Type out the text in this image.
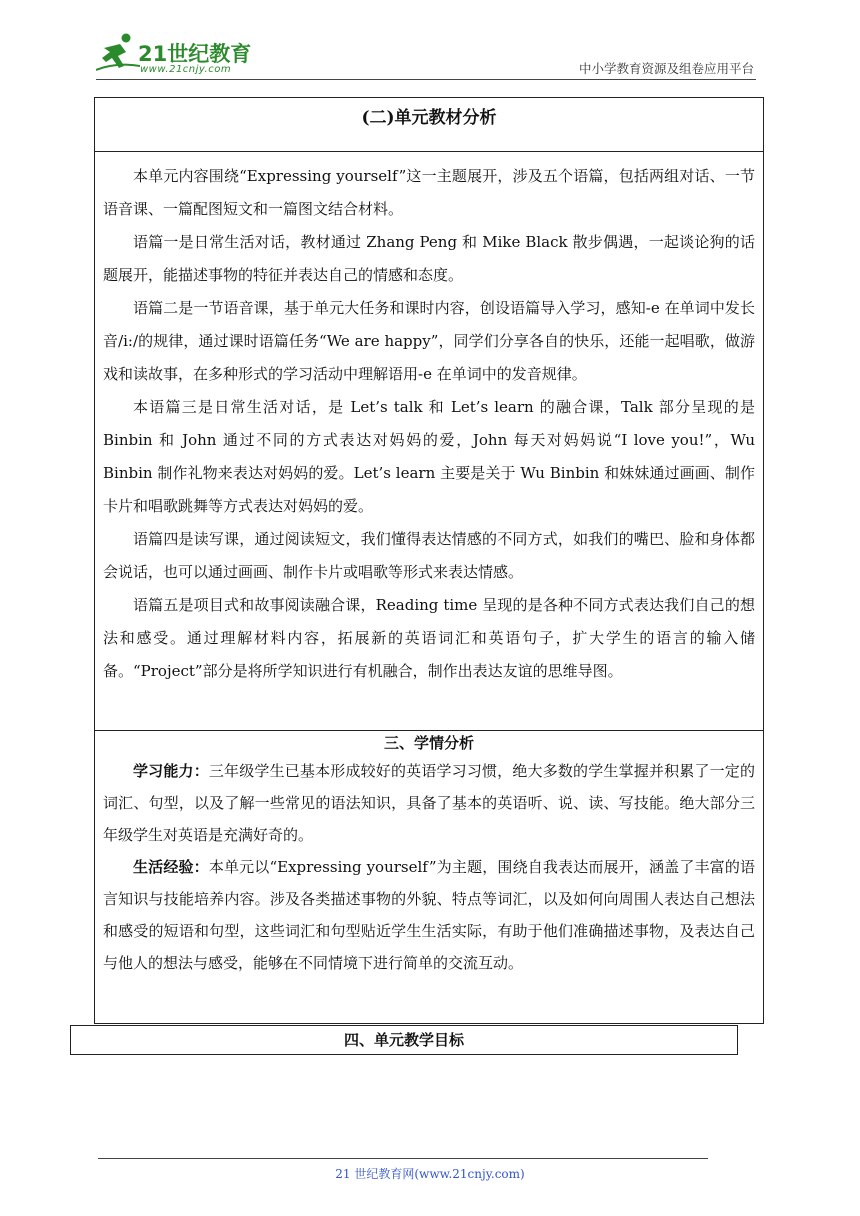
21世纪教育
www.21cnjy.com	中小学教育资源及组卷应用平台
(二)单元教材分析

本单元内容围绕“Expressing yourself”这一主题展开，涉及五个语篇，包括两组对话、一节语音课、一篇配图短文和一篇图文结合材料。

语篇一是日常生活对话，教材通过 Zhang Peng 和 Mike Black 散步偶遇，一起谈论狗的话题展开，能描述事物的特征并表达自己的情感和态度。

语篇二是一节语音课，基于单元大任务和课时内容，创设语篇导入学习，感知-e 在单词中发长音/i:/的规律，通过课时语篇任务“We are happy”，同学们分享各自的快乐，还能一起唱歌，做游戏和读故事，在多种形式的学习活动中理解语用-e 在单词中的发音规律。

本语篇三是日常生活对话，是 Let’s talk 和 Let’s learn 的融合课，Talk 部分呈现的是 Binbin 和 John 通过不同的方式表达对妈妈的爱，John 每天对妈妈说“I love you!”，Wu Binbin 制作礼物来表达对妈妈的爱。Let’s learn 主要是关于 Wu Binbin 和妹妹通过画画、制作卡片和唱歌跳舞等方式表达对妈妈的爱。

语篇四是读写课，通过阅读短文，我们懂得表达情感的不同方式，如我们的嘴巴、脸和身体都会说话，也可以通过画画、制作卡片或唱歌等形式来表达情感。

语篇五是项目式和故事阅读融合课，Reading time 呈现的是各种不同方式表达我们自己的想法和感受。通过理解材料内容，拓展新的英语词汇和英语句子，扩大学生的语言的输入储备。“Project”部分是将所学知识进行有机融合，制作出表达友谊的思维导图。

三、学情分析

学习能力：三年级学生已基本形成较好的英语学习习惯，绝大多数的学生掌握并积累了一定的词汇、句型，以及了解一些常见的语法知识，具备了基本的英语听、说、读、写技能。绝大部分三年级学生对英语是充满好奇的。

生活经验：本单元以“Expressing yourself”为主题，围绕自我表达而展开，涵盖了丰富的语言知识与技能培养内容。涉及各类描述事物的外貌、特点等词汇，以及如何向周围人表达自己想法和感受的短语和句型，这些词汇和句型贴近学生生活实际，有助于他们准确描述事物，及表达自己与他人的想法与感受，能够在不同情境下进行简单的交流互动。

四、单元教学目标
21 世纪教育网(www.21cnjy.com)
